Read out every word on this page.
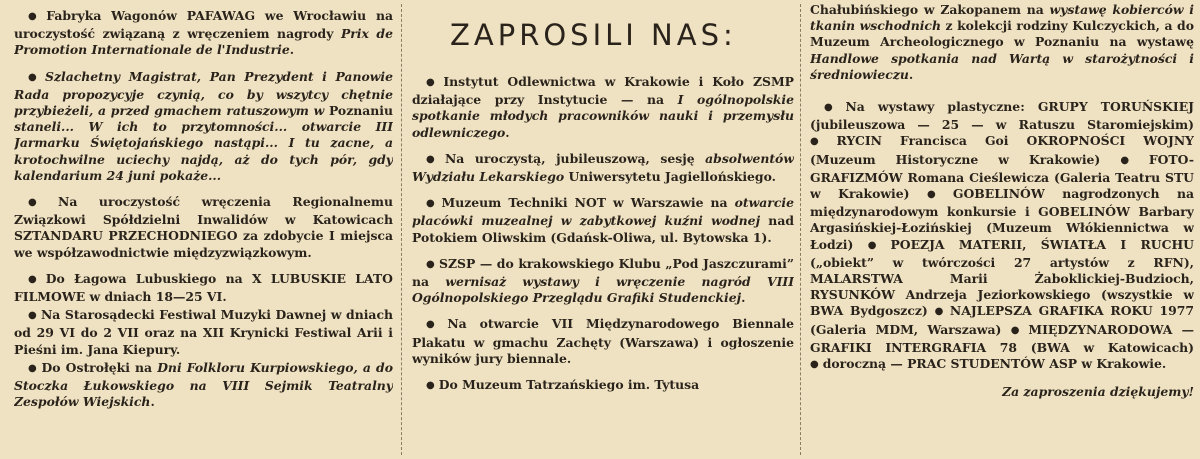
● Fabryka Wagonów PAFAWAG we Wrocławiu na uroczystość związaną z wręczeniem nagrody Prix de Promotion Internationale de l'Industrie.

● Szlachetny Magistrat, Pan Prezydent i Panowie Rada propozycyje czynią, co by wszytcy chętnie przybieżeli, a przed gmachem ratuszowym w Poznaniu staneli... W ich to przytomności... otwarcie III Jarmarku Świętojańskiego nastąpi... I tu zacne, a krotochwilne uciechy najdą, aż do tych pór, gdy kalendarium 24 juni pokaże...

● Na uroczystość wręczenia Regionalnemu Związkowi Spółdzielni Inwalidów w Katowicach SZTANDARU PRZECHODNIEGO za zdobycie I miejsca we współzawodnictwie międzyzwiązkowym.

● Do Łagowa Lubuskiego na X LUBUSKIE LATO FILMOWE w dniach 18—25 VI.

● Na Starosądecki Festiwal Muzyki Dawnej w dniach od 29 VI do 2 VII oraz na XII Krynicki Festiwal Arii i Pieśni im. Jana Kiepury.

● Do Ostrołęki na Dni Folkloru Kurpiowskiego, a do Stoczka Łukowskiego na VIII Sejmik Teatralny Zespołów Wiejskich.

ZAPROSILI NAS:

● Instytut Odlewnictwa w Krakowie i Koło ZSMP działające przy Instytucie — na I ogólnopolskie spotkanie młodych pracowników nauki i przemysłu odlewniczego.

● Na uroczystą, jubileuszową, sesję absolwentów Wydziału Lekarskiego Uniwersytetu Jagiellońskiego.

● Muzeum Techniki NOT w Warszawie na otwarcie placówki muzealnej w zabytkowej kuźni wodnej nad Potokiem Oliwskim (Gdańsk-Oliwa, ul. Bytowska 1).

● SZSP — do krakowskiego Klubu „Pod Jaszczurami” na wernisaż wystawy i wręczenie nagród VIII Ogólnopolskiego Przeglądu Grafiki Studenckiej.

● Na otwarcie VII Międzynarodowego Biennale Plakatu w gmachu Zachęty (Warszawa) i ogłoszenie wyników jury biennale.

● Do Muzeum Tatrzańskiego im. Tytusa

Chałubińskiego w Zakopanem na wystawę kobierców i tkanin wschodnich z kolekcji rodziny Kulczyckich, a do Muzeum Archeologicznego w Poznaniu na wystawę Handlowe spotkania nad Wartą w starożytności i średniowieczu.

● Na wystawy plastyczne: GRUPY TORUŃSKIEJ (jubileuszowa — 25 — w Ratuszu Staromiejskim) ● RYCIN Francisca Goi OKROPNOŚCI WOJNY (Muzeum Historyczne w Krakowie) ● FOTO-GRAFIZMÓW Romana Cieślewicza (Galeria Teatru STU w Krakowie) ● GOBELINÓW nagrodzonych na międzynarodowym konkursie i GOBELINÓW Barbary Argasińskiej-Łozińskiej (Muzeum Włókiennictwa w Łodzi) ● POEZJA MATERII, ŚWIATŁA I RUCHU („obiekt” w twórczości 27 artystów z RFN), MALARSTWA Marii Żaboklickiej-Budzioch, RYSUNKÓW Andrzeja Jeziorkowskiego (wszystkie w BWA Bydgoszcz) ● NAJLEPSZA GRAFIKA ROKU 1977 (Galeria MDM, Warszawa) ● MIĘDZYNARODOWA — GRAFIKI INTERGRAFIA 78 (BWA w Katowicach) ● doroczną — PRAC STUDENTÓW ASP w Krakowie.

Za zaproszenia dziękujemy!
